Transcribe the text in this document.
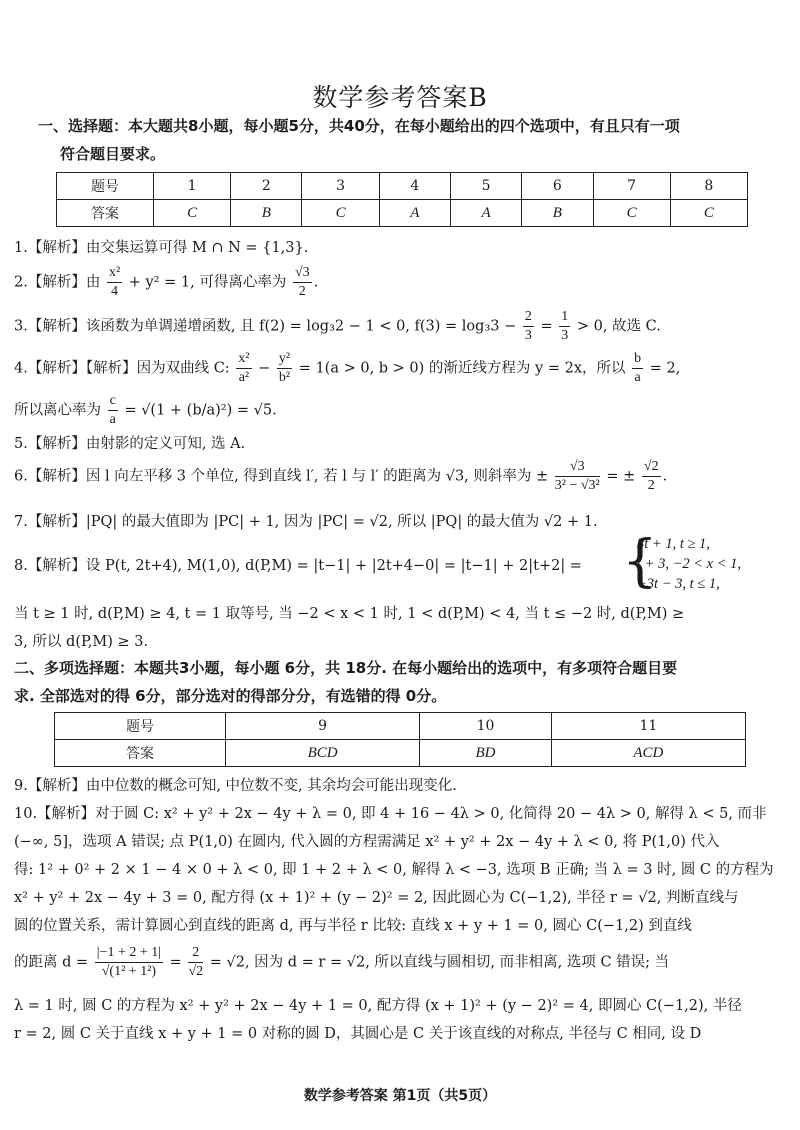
数学参考答案B
一、选择题：本大题共8小题，每小题5分，共40分，在每小题给出的四个选项中，有且只有一项
符合题目要求。
题号	1	2	3	4	5	6	7	8
答案	C	B	C	A	A	B	C	C
1.【解析】由交集运算可得 M ∩ N = {1,3}.
2.【解析】由 $\frac{\text{x²}}{4} + y^2 = 1$, 可得离心率为 $\frac{√3}{2}$ .
3.【解析】该函数为单调递增函数, 且 f(2) = log₃2 − 1 < 0, $f(3) = \log_33 - \frac{2}{3} = \frac{1}{3} > 0$, 故选 C.
4.【解析】【解析】因为双曲线 C: $\frac{\text{x²}}{\text{a²}} - \frac{\text{y²}}{\text{b²}} = 1(a > 0$, b > 0) 的渐近线方程为 y = 2x，所以 $\frac{b}{a} = 2$,
所以离心率为 $\frac{c}{a} = √(1 + (b/a)^2) = √5$.
5.【解析】由射影的定义可知, 选 A.
6.【解析】因 l 向左平移 3 个单位, 得到直线 l′, 若 l 与 l′ 的距离为 √3, 则斜率为 ± $\frac{√3}{\text{3² − √3²}}$ = ± $\frac{√2}{2}$ .
7.【解析】|PQ| 的最大值即为 |PC| + 1, 因为 |PC| = √2, 所以 |PQ| 的最大值为 √2 + 1.
8.【解析】设 P(t, 2t+4), M(1,0), d(P,M) = |t−1| + |2t+4−0| = |t−1| + 2|t+2| = {
3t + 1, t ≥ 1,
t + 3, −2 < x < 1,
−3t − 3, t ≤ 1,
当 t ≥ 1 时, d(P,M) ≥ 4, t = 1 取等号, 当 −2 < x < 1 时, 1 < d(P,M) < 4, 当 t ≤ −2 时, d(P,M) ≥
3, 所以 d(P,M) ≥ 3.
二、多项选择题：本题共3小题，每小题 6分，共 18分. 在每小题给出的选项中，有多项符合题目要
求. 全部选对的得 6分，部分选对的得部分分，有选错的得 0分。
题号	9	10	11
答案	BCD	BD	ACD
9.【解析】由中位数的概念可知, 中位数不变, 其余均会可能出现变化.
10.【解析】对于圆 C: x² + y² + 2x − 4y + λ = 0, 即 4 + 16 − 4λ > 0, 化简得 20 − 4λ > 0, 解得 λ < 5, 而非
(−∞, 5]，选项 A 错误; 点 P(1,0) 在圆内, 代入圆的方程需满足 x² + y² + 2x − 4y + λ < 0, 将 P(1,0) 代入
得: 1² + 0² + 2 × 1 − 4 × 0 + λ < 0, 即 1 + 2 + λ < 0, 解得 λ < −3, 选项 B 正确; 当 λ = 3 时, 圆 C 的方程为
x² + y² + 2x − 4y + 3 = 0, 配方得 (x + 1)² + (y − 2)² = 2, 因此圆心为 C(−1,2), 半径 r = √2, 判断直线与
圆的位置关系，需计算圆心到直线的距离 d, 再与半径 r 比较: 直线 x + y + 1 = 0, 圆心 C(−1,2) 到直线
的距离 $d = \frac{|-1 + 2 + 1|}{\text{√(1² + 1²)}} = \frac{2}{√2} = √2$, 因为 d = r = √2, 所以直线与圆相切, 而非相离, 选项 C 错误; 当
λ = 1 时, 圆 C 的方程为 x² + y² + 2x − 4y + 1 = 0, 配方得 (x + 1)² + (y − 2)² = 4, 即圆心 C(−1,2), 半径
r = 2, 圆 C 关于直线 x + y + 1 = 0 对称的圆 D，其圆心是 C 关于该直线的对称点, 半径与 C 相同, 设 D
数学参考答案 第1页（共5页）
